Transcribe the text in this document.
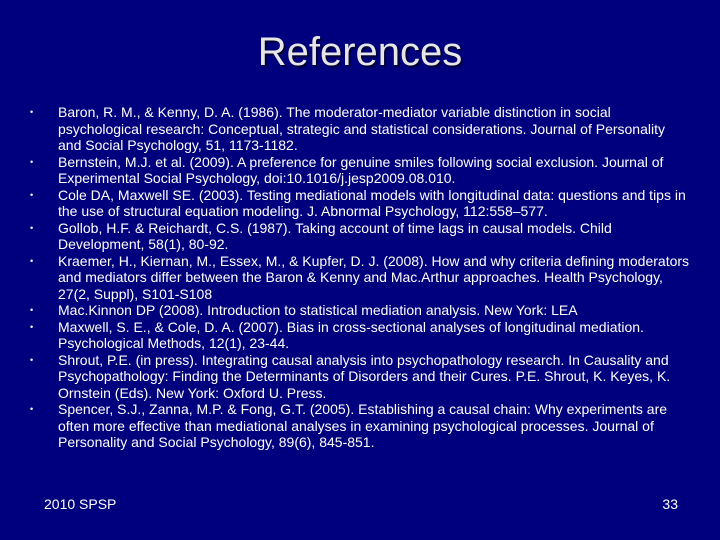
References
• Baron, R. M., & Kenny, D. A. (1986). The moderator-mediator variable distinction in social psychological research: Conceptual, strategic and statistical considerations. Journal of Personality and Social Psychology, 51, 1173-1182.
• Bernstein, M.J. et al. (2009). A preference for genuine smiles following social exclusion. Journal of Experimental Social Psychology, doi:10.1016/j.jesp2009.08.010.
• Cole DA, Maxwell SE. (2003). Testing mediational models with longitudinal data: questions and tips in the use of structural equation modeling. J. Abnormal Psychology, 112:558–577.
• Gollob, H.F. & Reichardt, C.S. (1987). Taking account of time lags in causal models. Child Development, 58(1), 80-92.
• Kraemer, H., Kiernan, M., Essex, M., & Kupfer, D. J. (2008). How and why criteria defining moderators and mediators differ between the Baron & Kenny and Mac.Arthur approaches. Health Psychology, 27(2, Suppl), S101-S108
• Mac.Kinnon DP (2008). Introduction to statistical mediation analysis. New York: LEA
• Maxwell, S. E., & Cole, D. A. (2007). Bias in cross-sectional analyses of longitudinal mediation. Psychological Methods, 12(1), 23-44.
• Shrout, P.E. (in press). Integrating causal analysis into psychopathology research. In Causality and Psychopathology: Finding the Determinants of Disorders and their Cures. P.E. Shrout, K. Keyes, K. Ornstein (Eds). New York: Oxford U. Press.
• Spencer, S.J., Zanna, M.P. & Fong, G.T. (2005). Establishing a causal chain: Why experiments are often more effective than mediational analyses in examining psychological processes. Journal of Personality and Social Psychology, 89(6), 845-851.
2010 SPSP	33
